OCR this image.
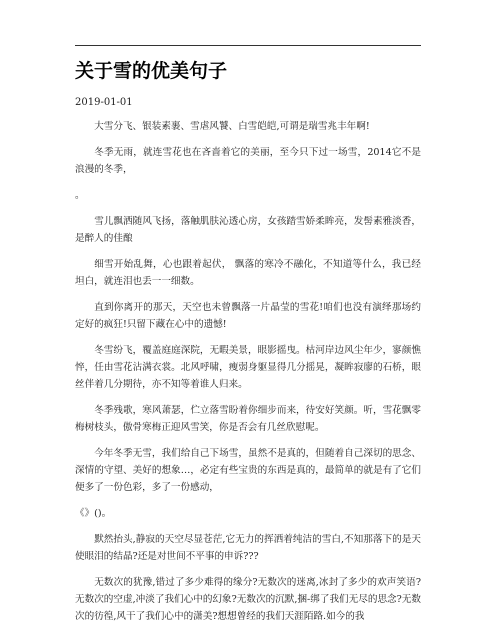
关于雪的优美句子
2019-01-01

大雪分飞、银装素裹、雪虐风饕、白雪皑皑,可谓是瑞雪兆丰年啊!

冬季无雨，就连雪花也在吝啬着它的美丽，至今只下过一场雪，2014它不是浪漫的冬季，

。

雪儿飘洒随风飞扬，落触肌肤沁透心房，女孩踏雪娇柔眸亮，发髻素雅淡香，是醉人的佳酿

细雪开始乱舞，心也跟着起伏， 飘落的寒冷不融化，不知道等什么，我已经坦白，就连泪也丢一一细数。

直到你离开的那天，天空也未曾飘落一片晶莹的雪花!咱们也没有演绎那场约定好的疯狂!只留下藏在心中的遗憾!

冬雪纷飞，覆盖庭庭深院，无暇美景，眼影摇曳。枯河岸边风尘年少，寥颜憔悴，任由雪花沾满衣裳。北风呼啸，瘦弱身躯显得几分摇晃，凝眸寂廖的石桥，眼丝伴着几分期待，亦不知等着谁人归来。

冬季残歌，寒风萧瑟，伫立落雪盼着你细步而来，待安好笑颜。听，雪花飘零梅树枝头，傲骨寒梅正迎风雪笑，你是否会有几丝欣慰呢。

今年冬季无雪，我们给自己下场雪，虽然不是真的，但随着自己深切的思念、深情的守望、美好的想象…，必定有些宝贵的东西是真的，最简单的就是有了它们便多了一份色彩，多了一份感动，

《》()。

默然抬头,静寂的天空尽显苍茫,它无力的挥洒着纯洁的雪白,不知那落下的是天使眼泪的结晶?还是对世间不平事的申诉???

无数次的犹豫,错过了多少难得的缘分?无数次的迷离,冰封了多少的欢声笑语?无数次的空虚,冲淡了我们心中的幻象?无数次的沉默,捆-绑了我们无尽的思念?无数次的彷徨,风干了我们心中的潇美?想想曾经的我们天涯陌路.如今的我
